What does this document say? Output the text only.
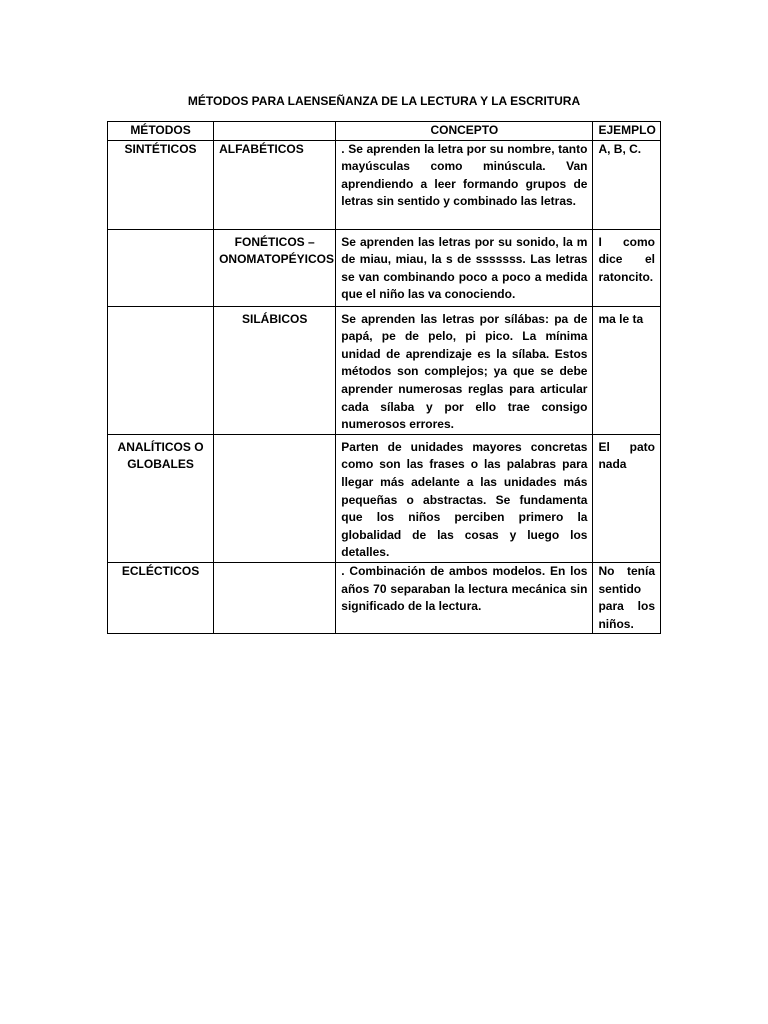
MÉTODOS PARA LAENSEÑANZA DE LA LECTURA Y LA ESCRITURA
MÉTODOS		CONCEPTO	EJEMPLO
SINTÉTICOS	ALFABÉTICOS	. Se aprenden la letra por su nombre, tanto mayúsculas como minúscula. Van aprendiendo a leer formando grupos de letras sin sentido y combinado las letras.	A, B, C.
	FONÉTICOS – ONOMATOPÉYICOS	Se aprenden las letras por su sonido, la m de miau, miau, la s de sssssss. Las letras se van combinando poco a poco a medida que el niño las va conociendo.	I como dice el ratoncito.
	SILÁBICOS	Se aprenden las letras por sílábas: pa de papá, pe de pelo, pi pico. La mínima unidad de aprendizaje es la sílaba. Estos métodos son complejos; ya que se debe aprender numerosas reglas para articular cada sílaba y por ello trae consigo numerosos errores.	ma le ta
ANALÍTICOS O GLOBALES		Parten de unidades mayores concretas como son las frases o las palabras para llegar más adelante a las unidades más pequeñas o abstractas. Se fundamenta que los niños perciben primero la globalidad de las cosas y luego los detalles.	El pato nada
ECLÉCTICOS		. Combinación de ambos modelos. En los años 70 separaban la lectura mecánica sin significado de la lectura.	No tenía sentido para los niños.
